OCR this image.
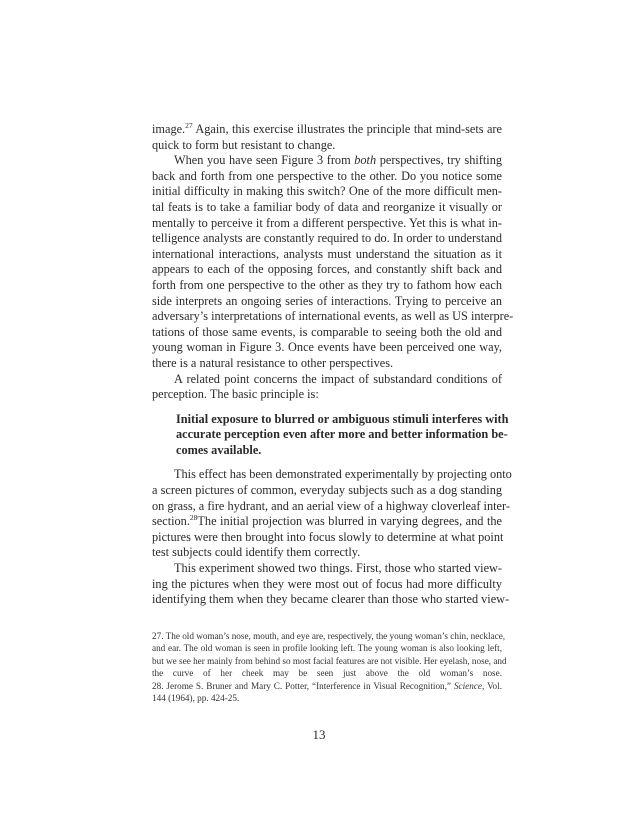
image.$^{27}$ Again, this exercise illustrates the principle that mind-sets are
quick to form but resistant to change.
When you have seen Figure 3 from both perspectives, try shifting
back and forth from one perspective to the other. Do you notice some
initial difficulty in making this switch? One of the more difficult men-
tal feats is to take a familiar body of data and reorganize it visually or
mentally to perceive it from a different perspective. Yet this is what in-
telligence analysts are constantly required to do. In order to understand
international interactions, analysts must understand the situation as it
appears to each of the opposing forces, and constantly shift back and
forth from one perspective to the other as they try to fathom how each
side interprets an ongoing series of interactions. Trying to perceive an
adversary’s interpretations of international events, as well as US interpre-
tations of those same events, is comparable to seeing both the old and
young woman in Figure 3. Once events have been perceived one way,
there is a natural resistance to other perspectives.
A related point concerns the impact of substandard conditions of
perception. The basic principle is:
Initial exposure to blurred or ambiguous stimuli interferes with
accurate perception even after more and better information be-
comes available.
This effect has been demonstrated experimentally by projecting onto
a screen pictures of common, everyday subjects such as a dog standing
on grass, a fire hydrant, and an aerial view of a highway cloverleaf inter-
section.$^{28}$The initial projection was blurred in varying degrees, and the
pictures were then brought into focus slowly to determine at what point
test subjects could identify them correctly.
This experiment showed two things. First, those who started view-
ing the pictures when they were most out of focus had more difficulty
identifying them when they became clearer than those who started view-
27. The old woman’s nose, mouth, and eye are, respectively, the young woman’s chin, necklace,
and ear. The old woman is seen in profile looking left. The young woman is also looking left,
but we see her mainly from behind so most facial features are not visible. Her eyelash, nose, and
the curve of her cheek may be seen just above the old woman’s nose.
28. Jerome S. Bruner and Mary C. Potter, “Interference in Visual Recognition,” Science, Vol.
144 (1964), pp. 424-25.
13
